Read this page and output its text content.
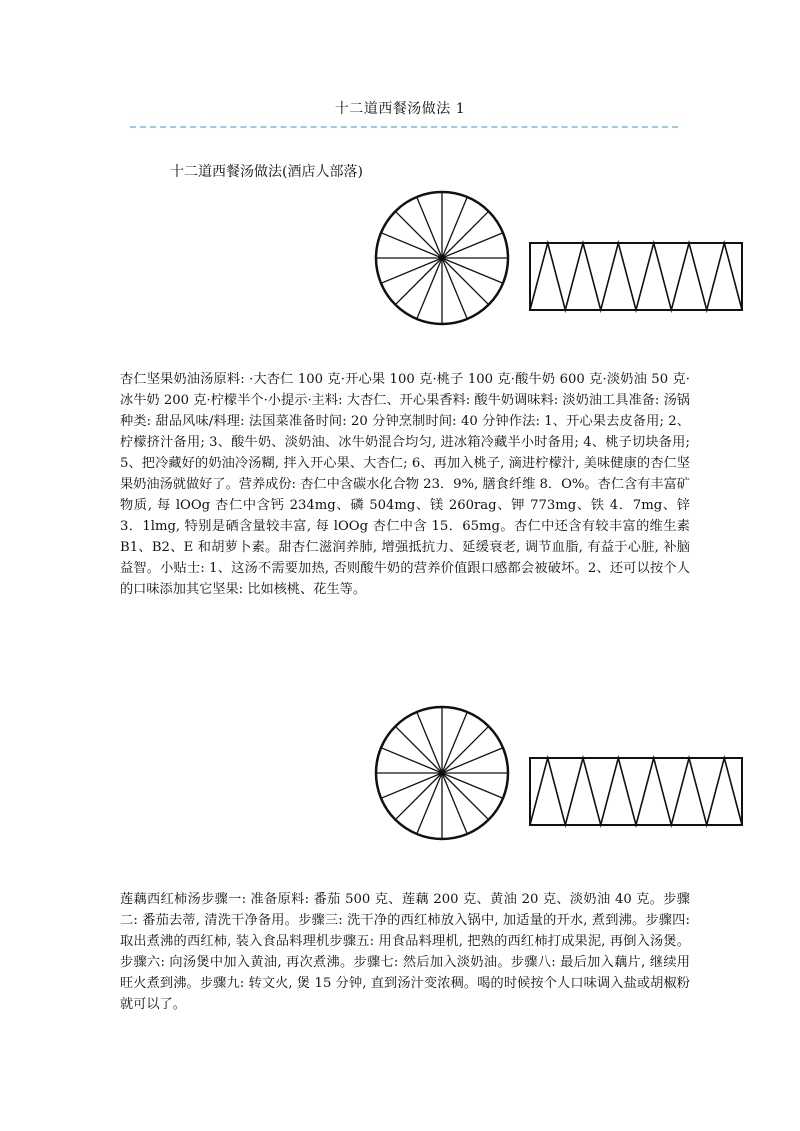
十二道西餐汤做法 1
十二道西餐汤做法(酒店人部落)

杏仁坚果奶油汤原料: ·大杏仁 100 克·开心果 100 克·桃子 100 克·酸牛奶 600 克·淡奶油 50 克·冰牛奶 200 克·柠檬半个·小提示·主料: 大杏仁、开心果香料: 酸牛奶调味料: 淡奶油工具准备: 汤锅种类: 甜品风味/料理: 法国菜准备时间: 20 分钟烹制时间: 40 分钟作法: 1、开心果去皮备用; 2、柠檬挤汁备用; 3、酸牛奶、淡奶油、冰牛奶混合均匀, 进冰箱冷藏半小时备用; 4、桃子切块备用; 5、把冷藏好的奶油冷汤糊, 拌入开心果、大杏仁; 6、再加入桃子, 滴进柠檬汁, 美味健康的杏仁坚果奶油汤就做好了。营养成份: 杏仁中含碳水化合物 23．9%, 膳食纤维 8．O%。杏仁含有丰富矿物质, 每 lOOg 杏仁中含钙 234mg、磷 504mg、镁 260rag、钾 773mg、铁 4．7mg、锌 3．1lmg, 特别是硒含量较丰富, 每 lOOg 杏仁中含 15．65mg。杏仁中还含有较丰富的维生素 B1、B2、E 和胡萝卜素。甜杏仁滋润养肺, 增强抵抗力、延缓衰老, 调节血脂, 有益于心脏, 补脑益智。小贴士: 1、这汤不需要加热, 否则酸牛奶的营养价值跟口感都会被破坏。2、还可以按个人的口味添加其它坚果: 比如核桃、花生等。

莲藕西红柿汤步骤一: 准备原料: 番茄 500 克、莲藕 200 克、黄油 20 克、淡奶油 40 克。步骤二: 番茄去蒂, 清洗干净备用。步骤三: 洗干净的西红柿放入锅中, 加适量的开水, 煮到沸。步骤四: 取出煮沸的西红柿, 装入食品料理机步骤五: 用食品料理机, 把熟的西红柿打成果泥, 再倒入汤煲。步骤六: 向汤煲中加入黄油, 再次煮沸。步骤七: 然后加入淡奶油。步骤八: 最后加入藕片, 继续用旺火煮到沸。步骤九: 转文火, 煲 15 分钟, 直到汤汁变浓稠。喝的时候按个人口味调入盐或胡椒粉就可以了。
